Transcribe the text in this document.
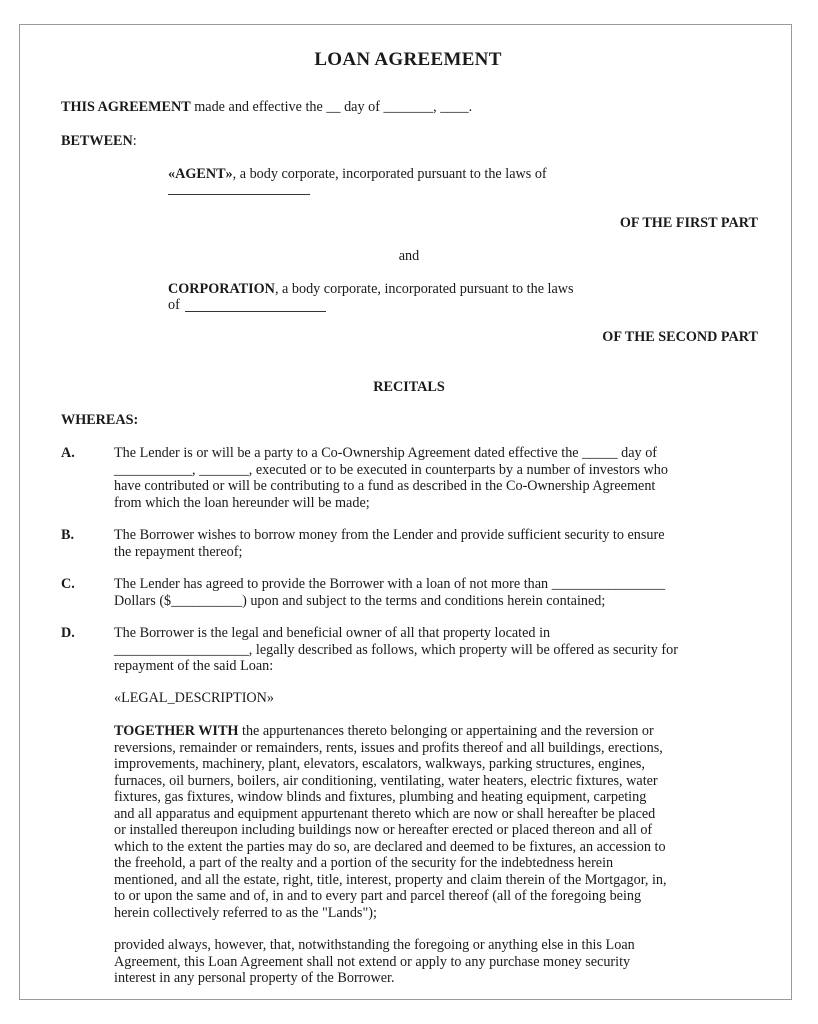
LOAN AGREEMENT
THIS AGREEMENT made and effective the __ day of _______, ____.
BETWEEN:
«AGENT», a body corporate, incorporated pursuant to the laws of
OF THE FIRST PART
and
CORPORATION, a body corporate, incorporated pursuant to the laws
of
OF THE SECOND PART
RECITALS
WHEREAS:
A.	The Lender is or will be a party to a Co-Ownership Agreement dated effective the _____ day of
___________, _______, executed or to be executed in counterparts by a number of investors who
have contributed or will be contributing to a fund as described in the Co-Ownership Agreement
from which the loan hereunder will be made;
B.	The Borrower wishes to borrow money from the Lender and provide sufficient security to ensure
the repayment thereof;
C.	The Lender has agreed to provide the Borrower with a loan of not more than ________________
Dollars ($__________) upon and subject to the terms and conditions herein contained;
D.	The Borrower is the legal and beneficial owner of all that property located in
___________________, legally described as follows, which property will be offered as security for
repayment of the said Loan:
«LEGAL_DESCRIPTION»
TOGETHER WITH the appurtenances thereto belonging or appertaining and the reversion or
reversions, remainder or remainders, rents, issues and profits thereof and all buildings, erections,
improvements, machinery, plant, elevators, escalators, walkways, parking structures, engines,
furnaces, oil burners, boilers, air conditioning, ventilating, water heaters, electric fixtures, water
fixtures, gas fixtures, window blinds and fixtures, plumbing and heating equipment, carpeting
and all apparatus and equipment appurtenant thereto which are now or shall hereafter be placed
or installed thereupon including buildings now or hereafter erected or placed thereon and all of
which to the extent the parties may do so, are declared and deemed to be fixtures, an accession to
the freehold, a part of the realty and a portion of the security for the indebtedness herein
mentioned, and all the estate, right, title, interest, property and claim therein of the Mortgagor, in,
to or upon the same and of, in and to every part and parcel thereof (all of the foregoing being
herein collectively referred to as the "Lands");
provided always, however, that, notwithstanding the foregoing or anything else in this Loan
Agreement, this Loan Agreement shall not extend or apply to any purchase money security
interest in any personal property of the Borrower.
